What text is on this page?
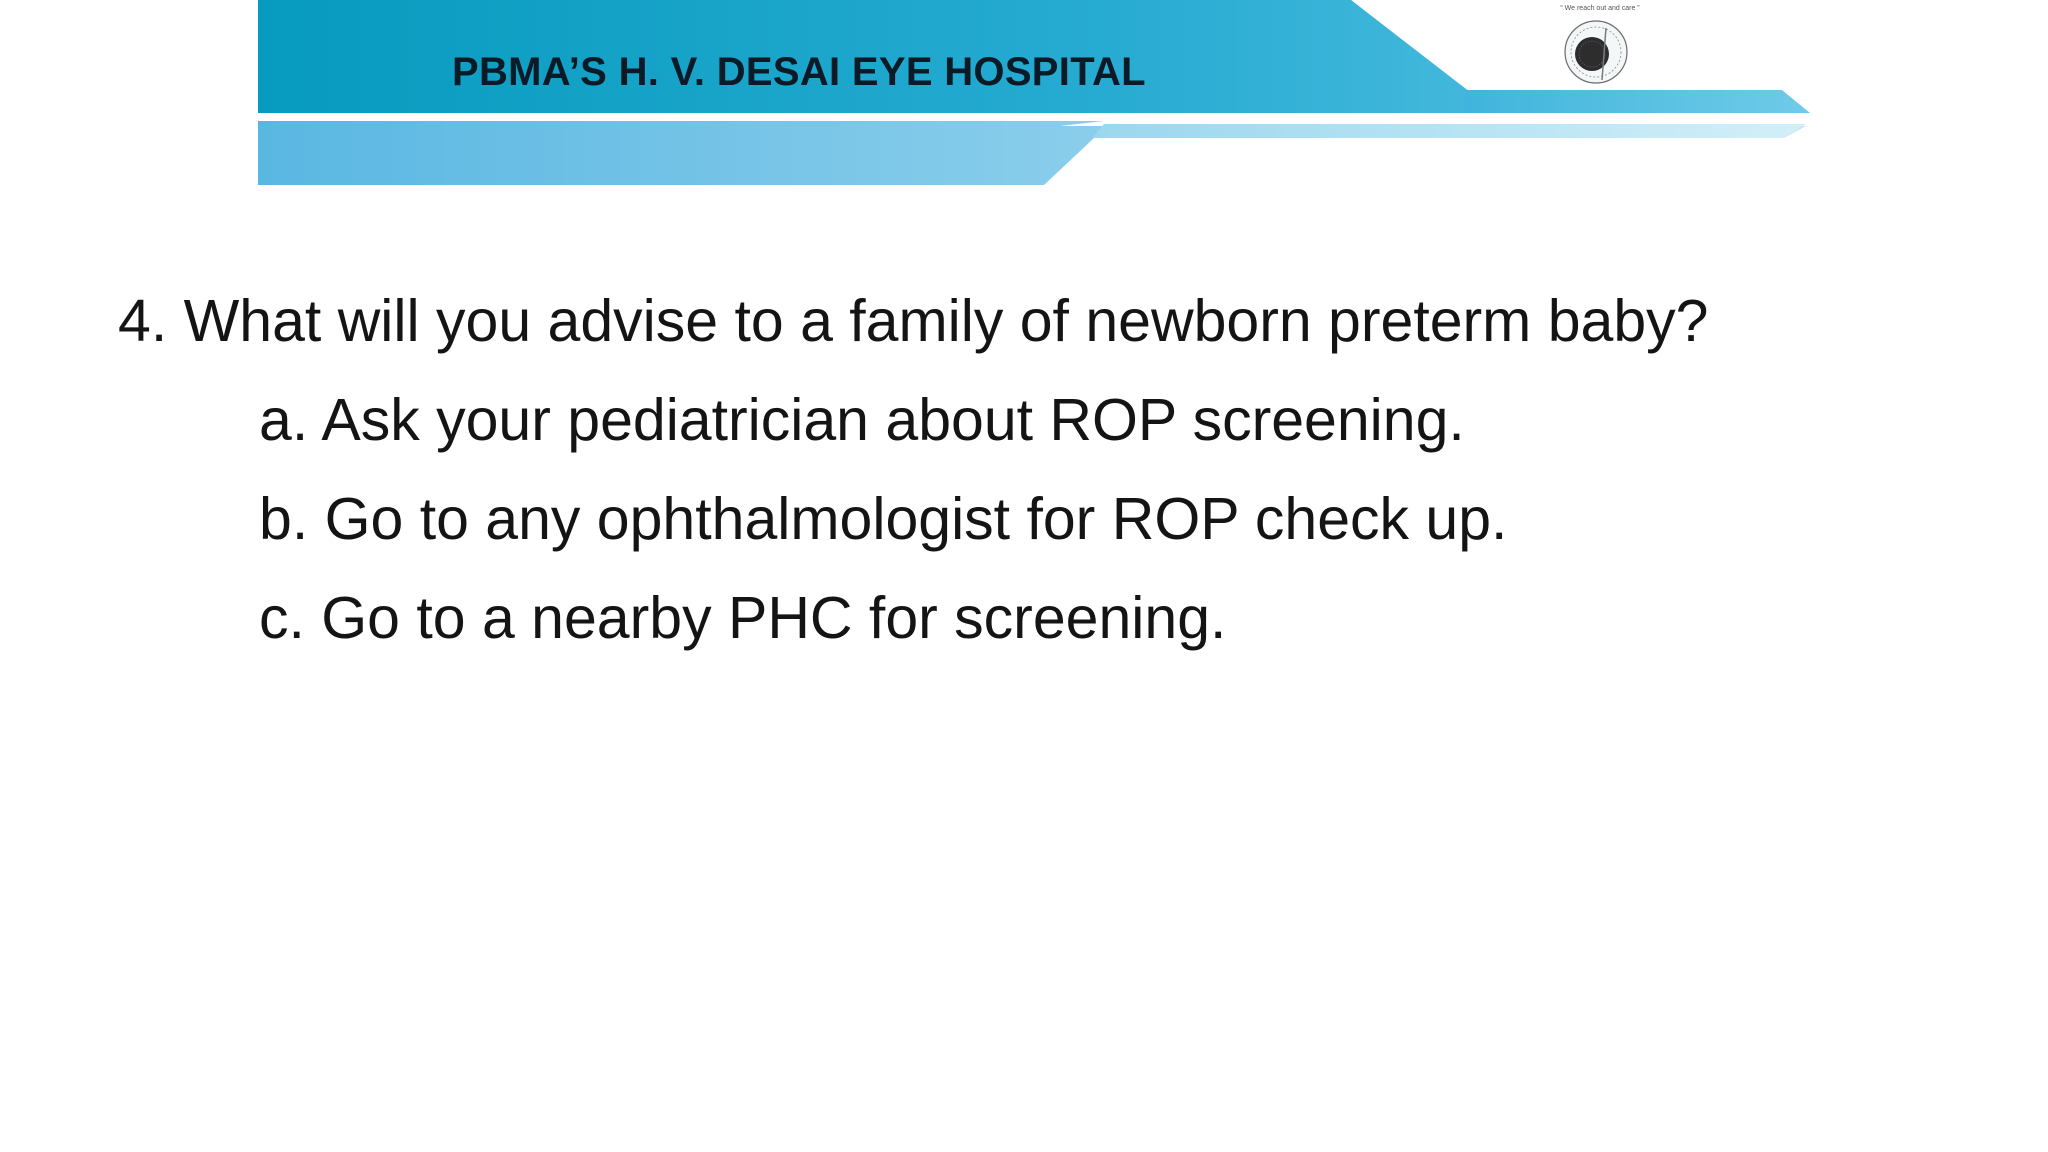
PBMA’S H. V. DESAI EYE HOSPITAL
“ We reach out and care ”
4. What will you advise to a family of newborn preterm baby?
a. Ask your pediatrician about ROP screening.
b. Go to any ophthalmologist for ROP check up.
c. Go to a nearby PHC for screening.
